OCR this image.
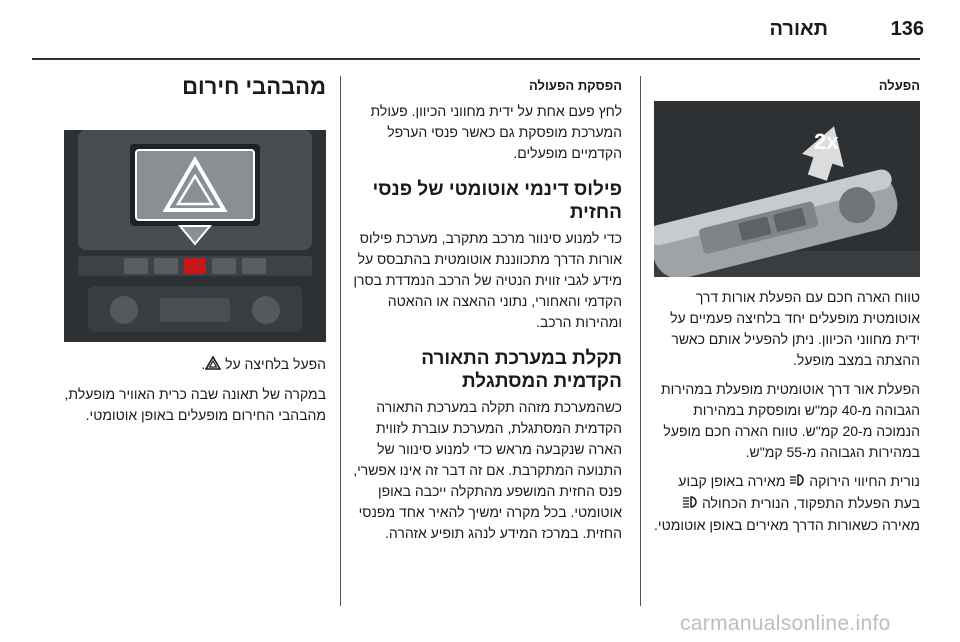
136
תאורה
הפעלה
2x

טווח הארה חכם עם הפעלת אורות דרך אוטומטית מופעלים יחד בלחיצה פעמיים על ידית מחווני הכיוון. ניתן להפעיל אותם כאשר ההצתה במצב מופעל.

הפעלת אור דרך אוטומטית מופעלת במהירות הגבוהה מ-40 קמ"ש ומופסקת במהירות הנמוכה מ-20 קמ"ש. טווח הארה חכם מופעל במהירות הגבוהה מ-55 קמ"ש.

נורית החיווי הירוקה  מאירה באופן קבוע בעת הפעלת התפקוד, הנורית הכחולה  מאירה כשאורות הדרך מאירים באופן אוטומטי.

הפסקת הפעולה

לחץ פעם אחת על ידית מחווני הכיוון. פעולת המערכת מופסקת גם כאשר פנסי הערפל הקדמיים מופעלים.

פילוס דינמי אוטומטי של פנסי החזית

כדי למנוע סינוור מרכב מתקרב, מערכת פילוס אורות הדרך מתכווננת אוטומטית בהתבסס על מידע לגבי זווית הנטיה של הרכב הנמדדת בסרן הקדמי והאחורי, נתוני ההאצה או ההאטה ומהירות הרכב.

תקלת במערכת התאורה הקדמית המסתגלת

כשהמערכת מזהה תקלה במערכת התאורה הקדמית המסתגלת, המערכת עוברת לזווית הארה שנקבעה מראש כדי למנוע סינוור של התנועה המתקרבת. אם זה דבר זה אינו אפשרי, פנס החזית המושפע מהתקלה ייכבה באופן אוטומטי. בכל מקרה ימשיך להאיר אחד מפנסי החזית. במרכז המידע לנהג תופיע אזהרה.

מהבהבי חירום

הפעל בלחיצה על .

במקרה של תאונה שבה כרית האוויר מופעלת, מהבהבי החירום מופעלים באופן אוטומטי.

carmanualsonline.info
